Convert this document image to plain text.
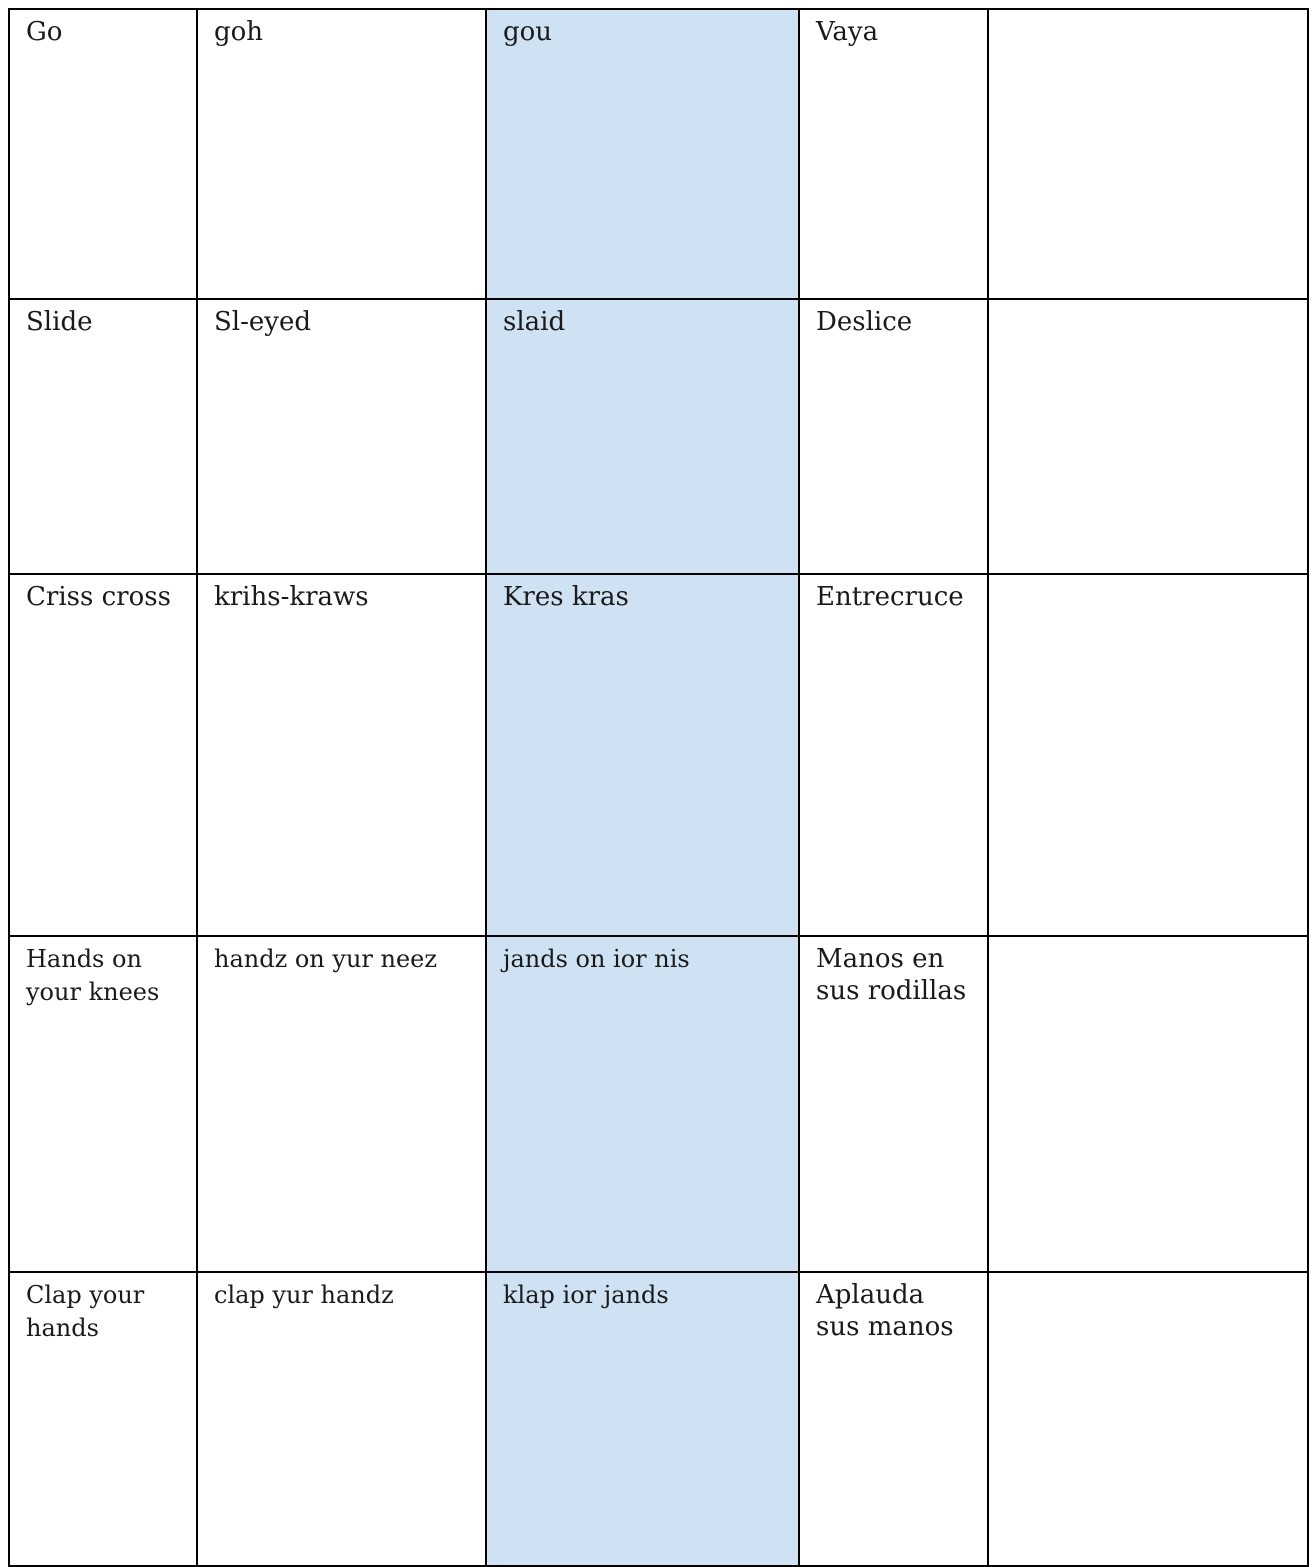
Go	goh	gou	Vaya	

Slide	Sl-eyed	slaid	Deslice	

Criss cross	krihs-kraws	Kres kras	Entrecruce	

Hands on your knees	handz on yur neez	jands on ior nis	Manos en sus rodillas	

Clap your hands	clap yur handz	klap ior jands	Aplauda sus manos	
